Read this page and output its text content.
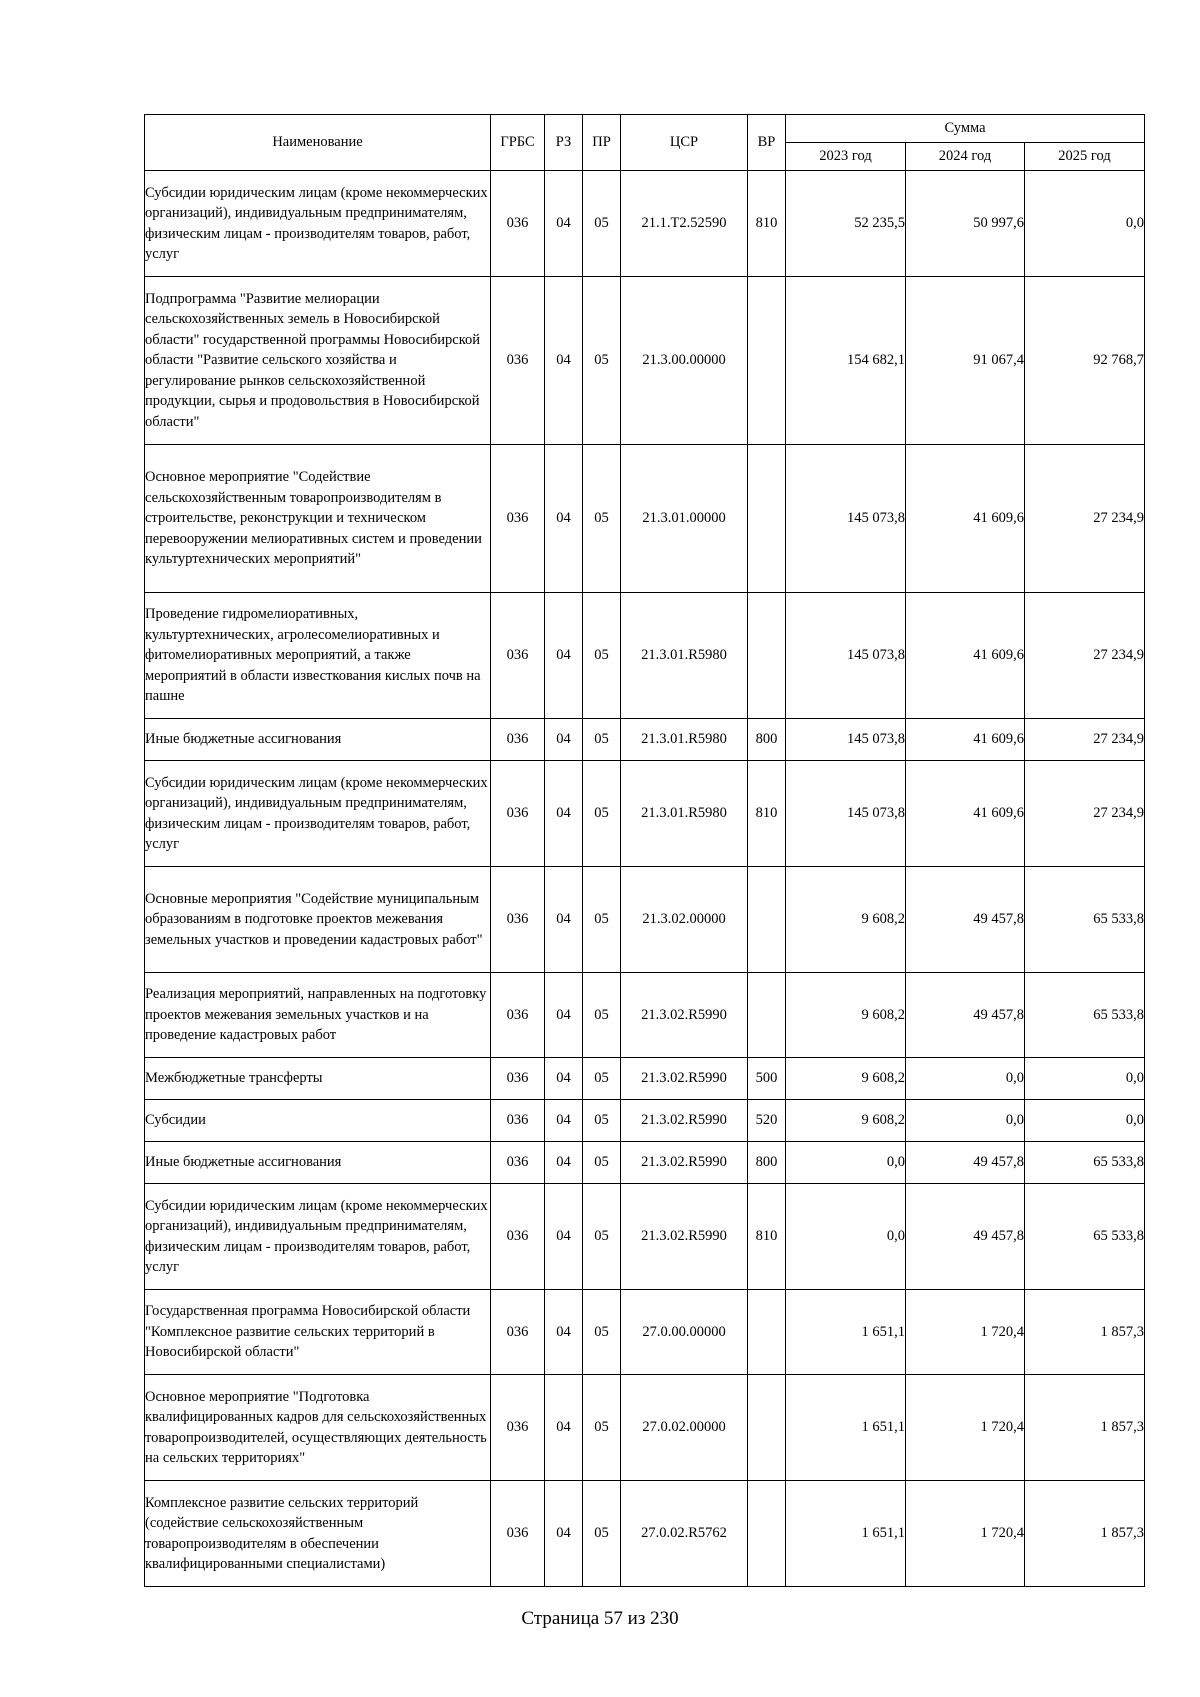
Наименование	ГРБС	РЗ	ПР	ЦСР	ВР	Сумма		
						2023 год	2024 год	2025 год
Субсидии юридическим лицам (кроме некоммерческих организаций), индивидуальным предпринимателям, физическим лицам - производителям товаров, работ, услуг	036	04	05	21.1.T2.52590	810	52 235,5	50 997,6	0,0
Подпрограмма "Развитие мелиорации сельскохозяйственных земель в Новосибирской области" государственной программы Новосибирской области "Развитие сельского хозяйства и регулирование рынков сельскохозяйственной продукции, сырья и продовольствия в Новосибирской области"	036	04	05	21.3.00.00000		154 682,1	91 067,4	92 768,7
Основное мероприятие "Содействие сельскохозяйственным товаропроизводителям в строительстве, реконструкции и техническом перевооружении мелиоративных систем и проведении культуртехнических мероприятий"	036	04	05	21.3.01.00000		145 073,8	41 609,6	27 234,9
Проведение гидромелиоративных, культуртехнических, агролесомелиоративных и фитомелиоративных мероприятий, а также мероприятий в области известкования кислых почв на пашне	036	04	05	21.3.01.R5980		145 073,8	41 609,6	27 234,9
Иные бюджетные ассигнования	036	04	05	21.3.01.R5980	800	145 073,8	41 609,6	27 234,9
Субсидии юридическим лицам (кроме некоммерческих организаций), индивидуальным предпринимателям, физическим лицам - производителям товаров, работ, услуг	036	04	05	21.3.01.R5980	810	145 073,8	41 609,6	27 234,9
Основные мероприятия "Содействие муниципальным образованиям в подготовке проектов межевания земельных участков и проведении кадастровых работ"	036	04	05	21.3.02.00000		9 608,2	49 457,8	65 533,8
Реализация мероприятий, направленных на подготовку проектов межевания земельных участков и на проведение кадастровых работ	036	04	05	21.3.02.R5990		9 608,2	49 457,8	65 533,8
Межбюджетные трансферты	036	04	05	21.3.02.R5990	500	9 608,2	0,0	0,0
Субсидии	036	04	05	21.3.02.R5990	520	9 608,2	0,0	0,0
Иные бюджетные ассигнования	036	04	05	21.3.02.R5990	800	0,0	49 457,8	65 533,8
Субсидии юридическим лицам (кроме некоммерческих организаций), индивидуальным предпринимателям, физическим лицам - производителям товаров, работ, услуг	036	04	05	21.3.02.R5990	810	0,0	49 457,8	65 533,8
Государственная программа Новосибирской области "Комплексное развитие сельских территорий в Новосибирской области"	036	04	05	27.0.00.00000		1 651,1	1 720,4	1 857,3
Основное мероприятие "Подготовка квалифицированных кадров для сельскохозяйственных товаропроизводителей, осуществляющих деятельность на сельских территориях"	036	04	05	27.0.02.00000		1 651,1	1 720,4	1 857,3
Комплексное развитие сельских территорий (содействие сельскохозяйственным товаропроизводителям в обеспечении квалифицированными специалистами)	036	04	05	27.0.02.R5762		1 651,1	1 720,4	1 857,3
Страница 57 из 230
